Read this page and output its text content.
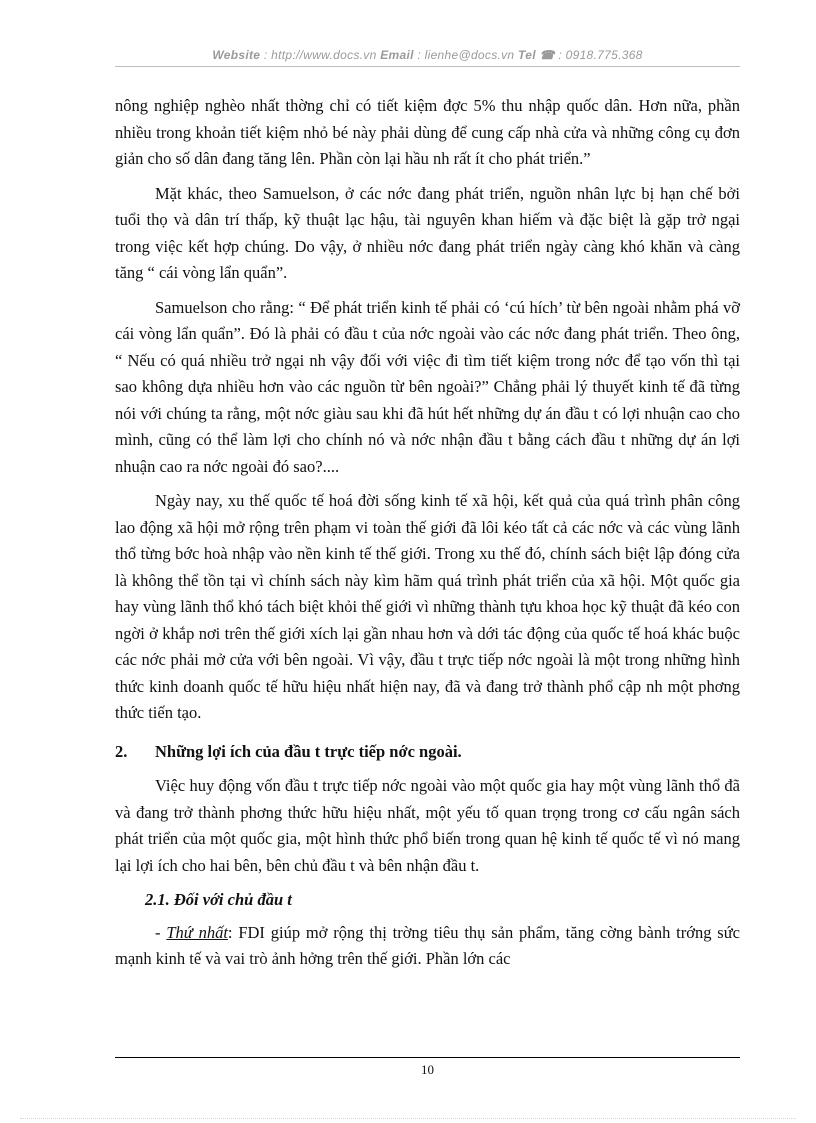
Website : http://www.docs.vn Email : lienhe@docs.vn Tel ☎ : 0918.775.368

nông nghiệp nghèo nhất thờng chỉ có tiết kiệm đợc 5% thu nhập quốc dân. Hơn nữa, phần nhiều trong khoản tiết kiệm nhỏ bé này phải dùng để cung cấp nhà cửa và những công cụ đơn giản cho số dân đang tăng lên. Phần còn lại hầu nh rất ít cho phát triển.”

Mặt khác, theo Samuelson, ở các nớc đang phát triển, nguồn nhân lực bị hạn chế bởi tuổi thọ và dân trí thấp, kỹ thuật lạc hậu, tài nguyên khan hiếm và đặc biệt là gặp trở ngại trong việc kết hợp chúng. Do vậy, ở nhiều nớc đang phát triển ngày càng khó khăn và càng tăng “ cái vòng lẩn quẩn”.

Samuelson cho rằng: “ Để phát triển kinh tế phải có ‘cú hích’ từ bên ngoài nhằm phá vỡ cái vòng lẩn quẩn”. Đó là phải có đầu t của nớc ngoài vào các nớc đang phát triển. Theo ông, “ Nếu có quá nhiều trở ngại nh vậy đối với việc đi tìm tiết kiệm trong nớc để tạo vốn thì tại sao không dựa nhiều hơn vào các nguồn từ bên ngoài?” Chẳng phải lý thuyết kinh tế đã từng nói với chúng ta rằng, một nớc giàu sau khi đã hút hết những dự án đầu t có lợi nhuận cao cho mình, cũng có thể làm lợi cho chính nó và nớc nhận đầu t bằng cách đầu t những dự án lợi nhuận cao ra nớc ngoài đó sao?....

Ngày nay, xu thế quốc tế hoá đời sống kinh tế xã hội, kết quả của quá trình phân công lao động xã hội mở rộng trên phạm vi toàn thế giới đã lôi kéo tất cả các nớc và các vùng lãnh thổ từng bớc hoà nhập vào nền kinh tế thế giới. Trong xu thế đó, chính sách biệt lập đóng cửa là không thể tồn tại vì chính sách này kìm hãm quá trình phát triển của xã hội. Một quốc gia hay vùng lãnh thổ khó tách biệt khỏi thế giới vì những thành tựu khoa học kỹ thuật đã kéo con ngời ở khắp nơi trên thế giới xích lại gần nhau hơn và dới tác động của quốc tế hoá khác buộc các nớc phải mở cửa với bên ngoài. Vì vậy, đầu t trực tiếp nớc ngoài là một trong những hình thức kinh doanh quốc tế hữu hiệu nhất hiện nay, đã và đang trở thành phổ cập nh một phơng thức tiến tạo.

2. Những lợi ích của đầu t trực tiếp nớc ngoài.

Việc huy động vốn đầu t trực tiếp nớc ngoài vào một quốc gia hay một vùng lãnh thổ đã và đang trở thành phơng thức hữu hiệu nhất, một yếu tố quan trọng trong cơ cấu ngân sách phát triển của một quốc gia, một hình thức phổ biến trong quan hệ kinh tế quốc tế vì nó mang lại lợi ích cho hai bên, bên chủ đầu t và bên nhận đầu t.

2.1. Đối với chủ đầu t

- Thứ nhất: FDI giúp mở rộng thị trờng tiêu thụ sản phẩm, tăng cờng bành trớng sức mạnh kinh tế và vai trò ảnh hởng trên thế giới. Phần lớn các

10
